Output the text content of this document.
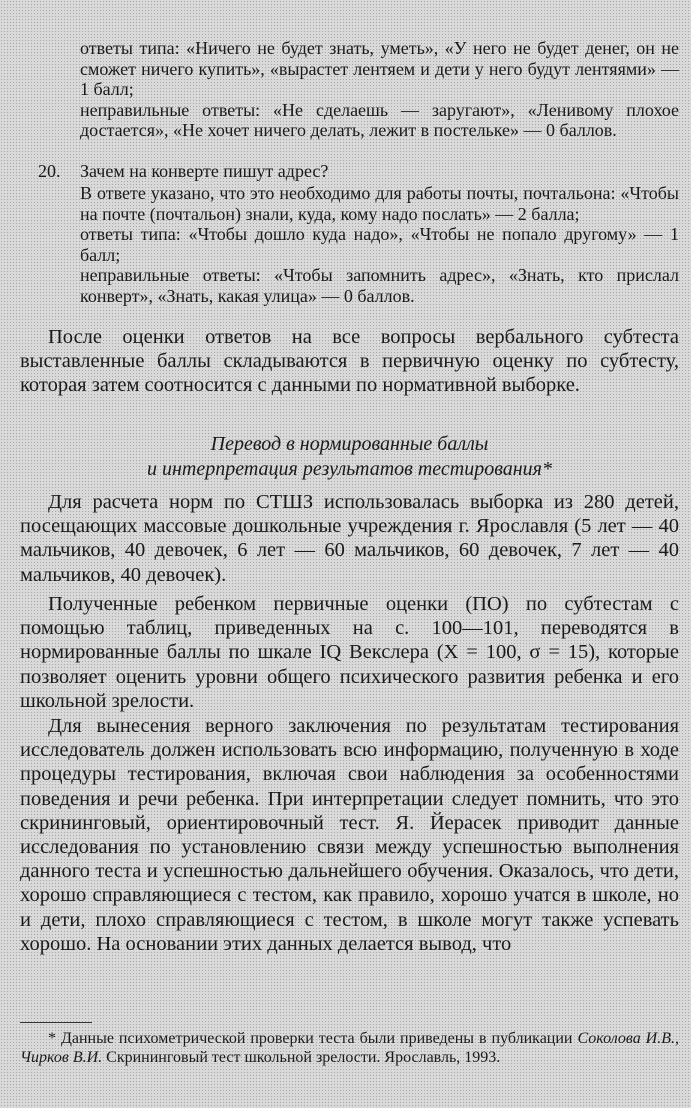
ответы типа: «Ничего не будет знать, уметь», «У него не будет денег, он не сможет ничего купить», «вырастет лентяем и дети у него будут лентяями» — 1 балл;

неправильные ответы: «Не сделаешь — заругают», «Ленивому плохое достается», «Не хочет ничего делать, лежит в постельке» — 0 баллов.

20. Зачем на конверте пишут адрес?

В ответе указано, что это необходимо для работы почты, почтальона: «Чтобы на почте (почтальон) знали, куда, кому надо послать» — 2 балла;

ответы типа: «Чтобы дошло куда надо», «Чтобы не попало другому» — 1 балл;

неправильные ответы: «Чтобы запомнить адрес», «Знать, кто прислал конверт», «Знать, какая улица» — 0 баллов.

После оценки ответов на все вопросы вербального субтеста выставленные баллы складываются в первичную оценку по субтесту, которая затем соотносится с данными по нормативной выборке.

Перевод в нормированные баллы

и интерпретация результатов тестирования*

Для расчета норм по СТШЗ использовалась выборка из 280 детей, посещающих массовые дошкольные учреждения г. Ярославля (5 лет — 40 мальчиков, 40 девочек, 6 лет — 60 мальчиков, 60 девочек, 7 лет — 40 мальчиков, 40 девочек).

Полученные ребенком первичные оценки (ПО) по субтестам с помощью таблиц, приведенных на с. 100—101, переводятся в нормированные баллы по шкале IQ Векслера (X = 100, σ = 15), которые позволяет оценить уровни общего психического развития ребенка и его школьной зрелости.

Для вынесения верного заключения по результатам тестирования исследователь должен использовать всю информацию, полученную в ходе процедуры тестирования, включая свои наблюдения за особенностями поведения и речи ребенка. При интерпретации следует помнить, что это скрининговый, ориентировочный тест. Я. Йерасек приводит данные исследования по установлению связи между успешностью выполнения данного теста и успешностью дальнейшего обучения. Оказалось, что дети, хорошо справляющиеся с тестом, как правило, хорошо учатся в школе, но и дети, плохо справляющиеся с тестом, в школе могут также успевать хорошо. На основании этих данных делается вывод, что

* Данные психометрической проверки теста были приведены в публикации Соколова И.В., Чирков В.И. Скрининговый тест школьной зрелости. Ярославль, 1993.
